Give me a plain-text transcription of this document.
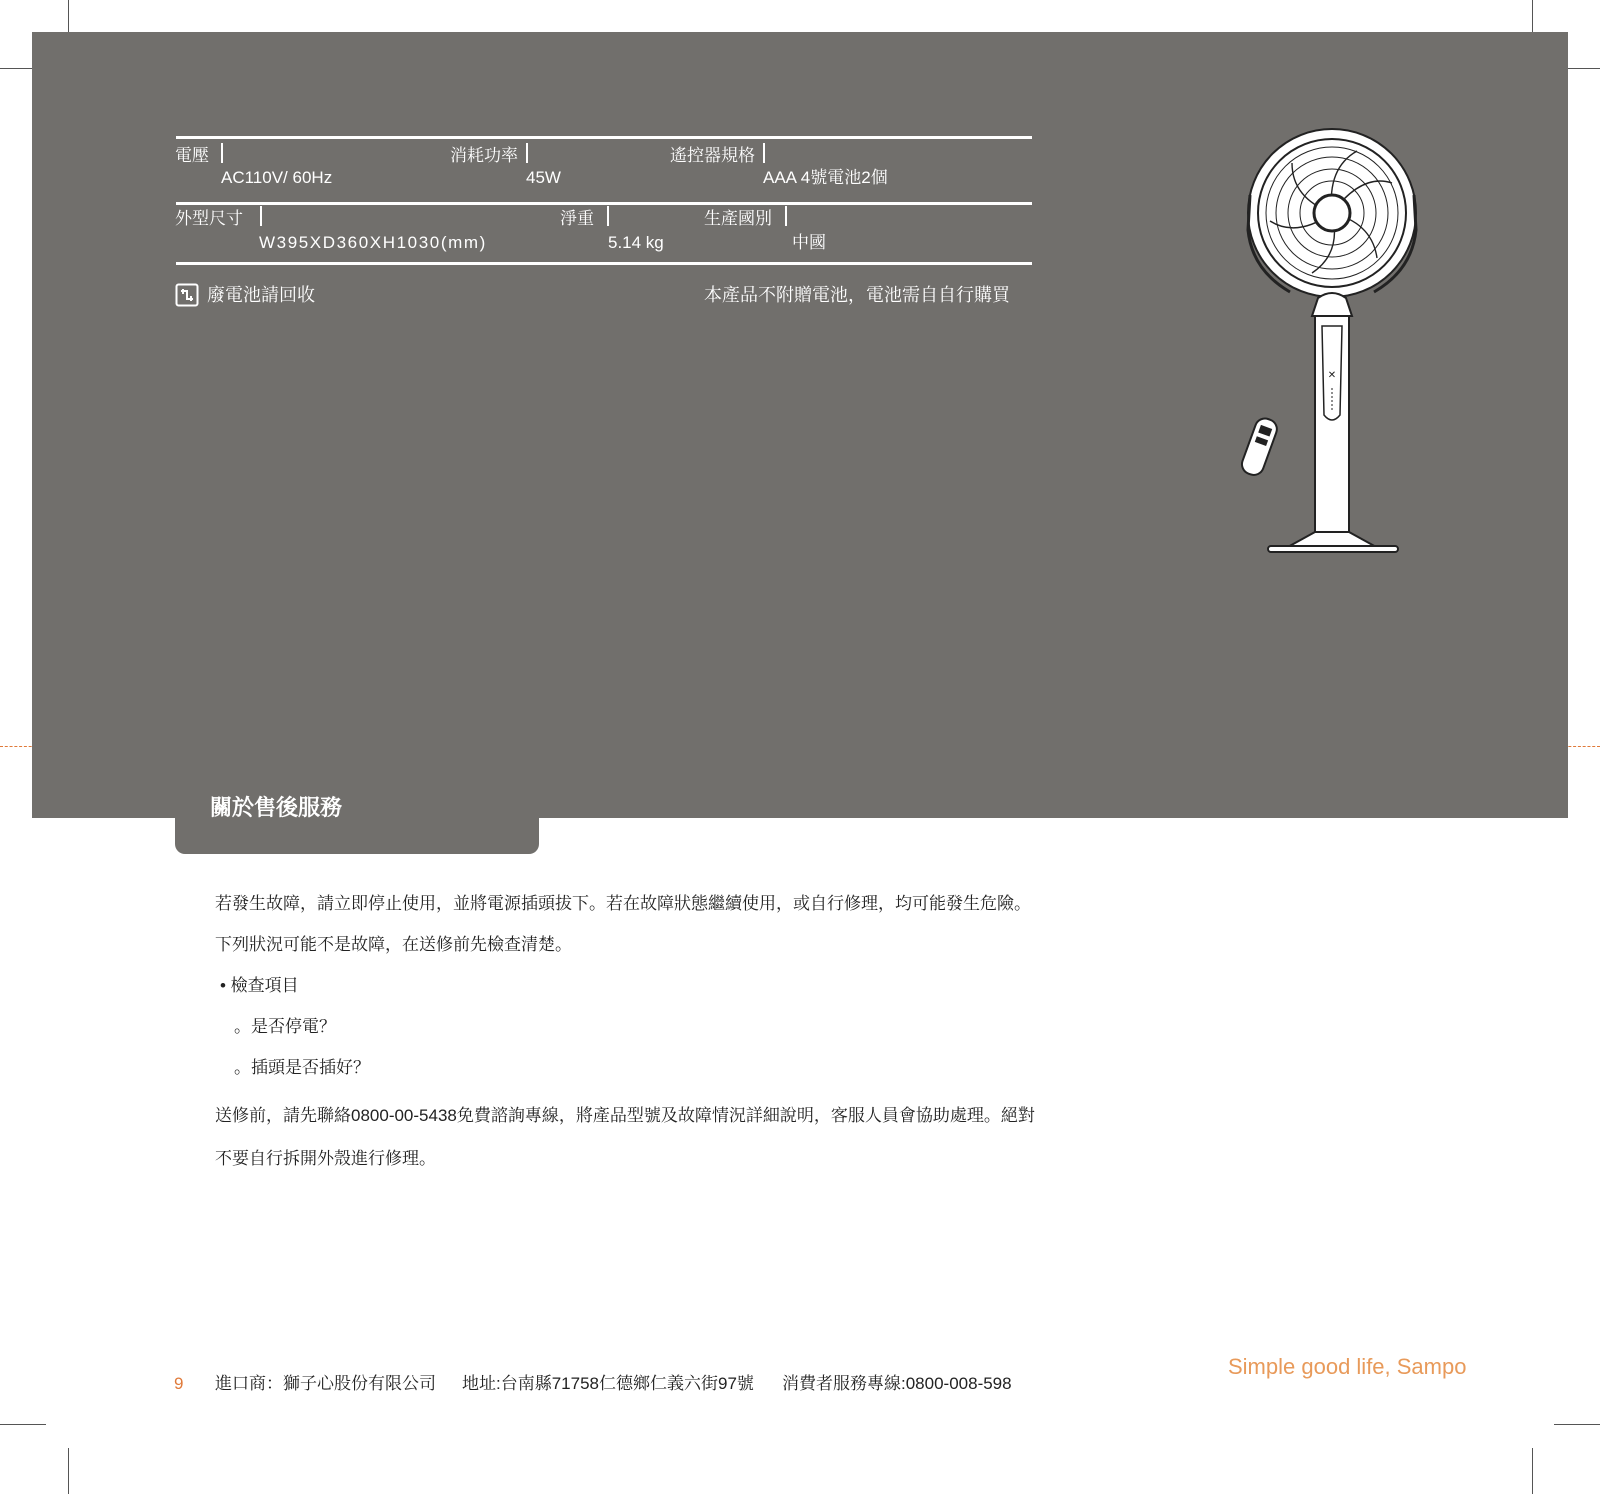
關於售後服務
電壓
AC110V/ 60Hz
消耗功率
45W
遙控器規格
AAA 4號電池2個
外型尺寸
W395XD360XH1030(mm)
淨重
5.14 kg
生產國別
中國
廢電池請回收	本產品不附贈電池，電池需自自行購買
✕
若發生故障，請立即停止使用，並將電源插頭拔下。若在故障狀態繼續使用，或自行修理，均可能發生危險。
下列狀況可能不是故障，在送修前先檢查清楚。
• 檢查項目
。是否停電？
。插頭是否插好？
送修前，請先聯絡0800-00-5438免費諮詢專線，將產品型號及故障情況詳細說明，客服人員會協助處理。絕對
不要自行拆開外殼進行修理。
9 進口商：獅子心股份有限公司 地址:台南縣71758仁德鄉仁義六街97號 消費者服務專線:0800-008-598
Simple good life, Sampo
